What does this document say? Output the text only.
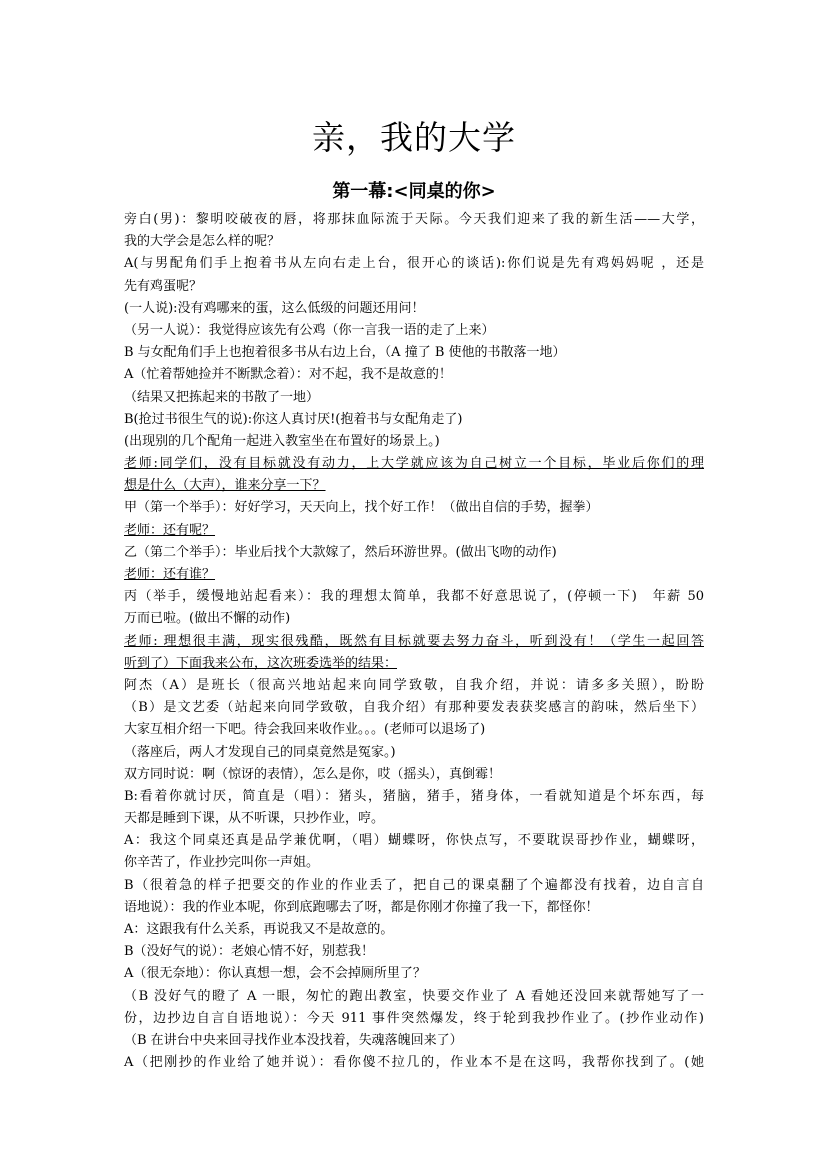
亲，我的大学
第一幕:<同桌的你>
旁白(男)：黎明咬破夜的唇，将那抹血际流于天际。今天我们迎来了我的新生活——大学，
我的大学会是怎么样的呢？
A(与男配角们手上抱着书从左向右走上台，很开心的谈话):你们说是先有鸡妈妈呢 ，还是
先有鸡蛋呢？
(一人说):没有鸡哪来的蛋，这么低级的问题还用问！
（另一人说）：我觉得应该先有公鸡（你一言我一语的走了上来）
B 与女配角们手上也抱着很多书从右边上台，（A 撞了 B 使他的书散落一地）
A（忙着帮她捡并不断默念着）：对不起，我不是故意的！
（结果又把拣起来的书散了一地）
B(抢过书很生气的说):你这人真讨厌!(抱着书与女配角走了)
(出现别的几个配角一起进入教室坐在布置好的场景上。)
老师:同学们，没有目标就没有动力，上大学就应该为自己树立一个目标，毕业后你们的理
想是什么（大声），谁来分享一下？
甲（第一个举手）：好好学习，天天向上，找个好工作！（做出自信的手势，握拳）
老师：还有呢？
乙（第二个举手）：毕业后找个大款嫁了，然后环游世界。(做出飞吻的动作)
老师：还有谁？
丙（举手，缓慢地站起看来）：我的理想太简单，我都不好意思说了，(停顿一下)　年薪 50
万而已啦。(做出不懈的动作)
老师: 理想很丰满，现实很残酷，既然有目标就要去努力奋斗，听到没有！（学生一起回答
听到了）下面我来公布，这次班委选举的结果：
阿杰（A）是班长（很高兴地站起来向同学致敬，自我介绍，并说：请多多关照），盼盼
（B）是文艺委（站起来向同学致敬，自我介绍）有那种要发表获奖感言的韵味，然后坐下）
大家互相介绍一下吧。待会我回来收作业。。。(老师可以退场了)
（落座后，两人才发现自己的同桌竟然是冤家。)
双方同时说：啊（惊讶的表情），怎么是你，哎（摇头），真倒霉！
B:看着你就讨厌，简直是（唱）：猪头，猪脑，猪手，猪身体，一看就知道是个坏东西，每
天都是睡到下课，从不听课，只抄作业，哼。
A：我这个同桌还真是品学兼优啊，（唱）蝴蝶呀，你快点写，不要耽误哥抄作业，蝴蝶呀，
你辛苦了，作业抄完叫你一声姐。
B（很着急的样子把要交的作业的作业丢了，把自己的课桌翻了个遍都没有找着，边自言自
语地说）：我的作业本呢，你到底跑哪去了呀，都是你刚才你撞了我一下，都怪你！
A：这跟我有什么关系，再说我又不是故意的。
B（没好气的说）：老娘心情不好，别惹我！
A（很无奈地）：你认真想一想，会不会掉厕所里了？
（B 没好气的瞪了 A 一眼，匆忙的跑出教室，快要交作业了 A 看她还没回来就帮她写了一
份，边抄边自言自语地说）：今天 911 事件突然爆发，终于轮到我抄作业了。(抄作业动作)
（B 在讲台中央来回寻找作业本没找着，失魂落魄回来了）
A（把刚抄的作业给了她并说）：看你傻不拉几的，作业本不是在这吗，我帮你找到了。(她
